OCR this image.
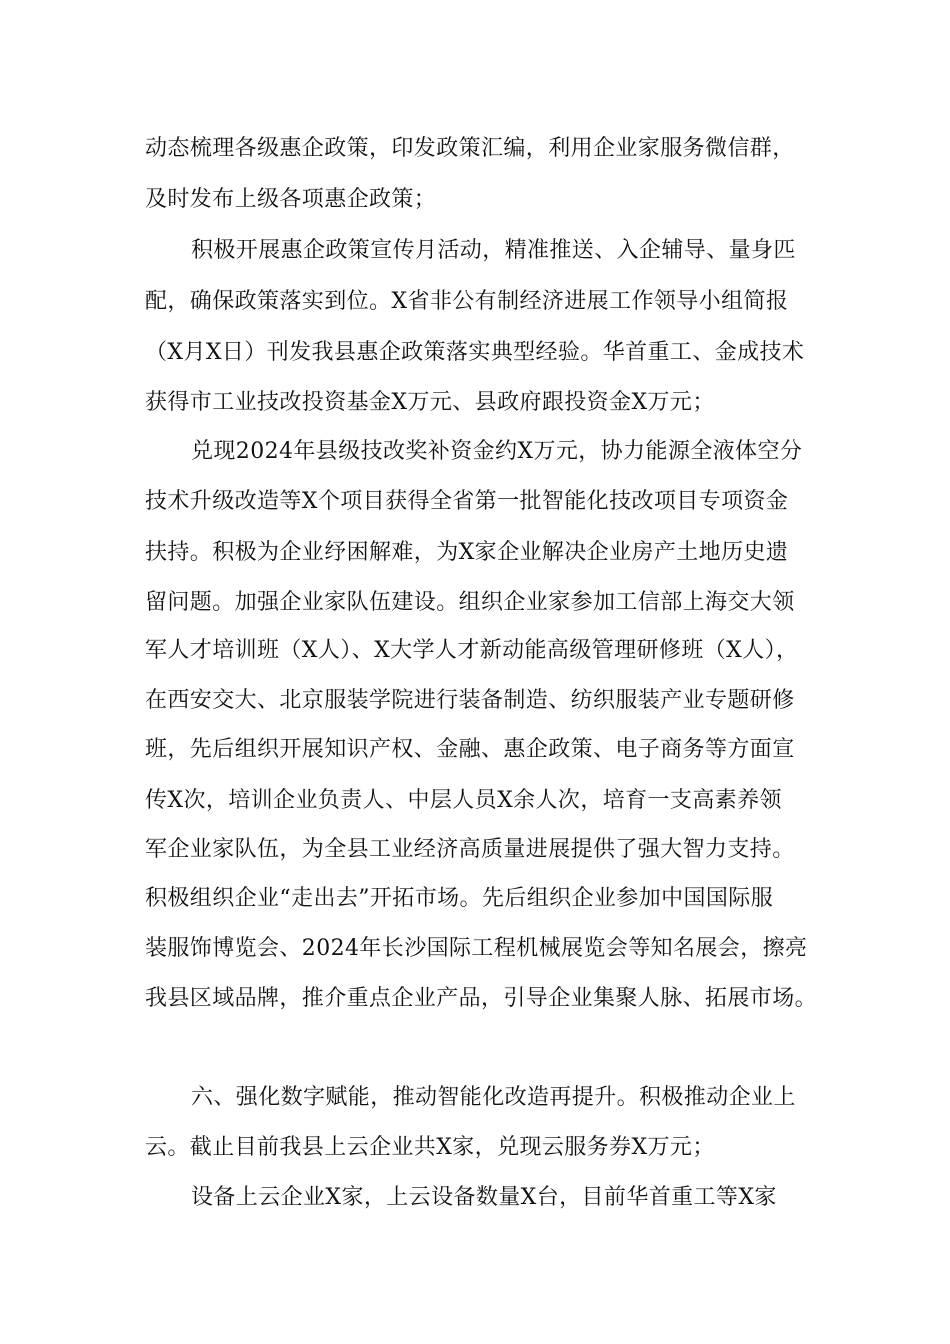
动态梳理各级惠企政策，印发政策汇编，利用企业家服务微信群，
及时发布上级各项惠企政策；
积极开展惠企政策宣传月活动，精准推送、入企辅导、量身匹
配，确保政策落实到位。X省非公有制经济进展工作领导小组简报
（X月X日）刊发我县惠企政策落实典型经验。华首重工、金成技术
获得市工业技改投资基金X万元、县政府跟投资金X万元；
兑现2024年县级技改奖补资金约X万元，协力能源全液体空分
技术升级改造等X个项目获得全省第一批智能化技改项目专项资金
扶持。积极为企业纾困解难，为X家企业解决企业房产土地历史遗
留问题。加强企业家队伍建设。组织企业家参加工信部上海交大领
军人才培训班（X人）、X大学人才新动能高级管理研修班（X人），
在西安交大、北京服装学院进行装备制造、纺织服装产业专题研修
班，先后组织开展知识产权、金融、惠企政策、电子商务等方面宣
传X次，培训企业负责人、中层人员X余人次，培育一支高素养领
军企业家队伍，为全县工业经济高质量进展提供了强大智力支持。
积极组织企业“走出去”开拓市场。先后组织企业参加中国国际服
装服饰博览会、2024年长沙国际工程机械展览会等知名展会，擦亮
我县区域品牌，推介重点企业产品，引导企业集聚人脉、拓展市场。
六、强化数字赋能，推动智能化改造再提升。积极推动企业上
云。截止目前我县上云企业共X家，兑现云服务券X万元；
设备上云企业X家，上云设备数量X台，目前华首重工等X家
